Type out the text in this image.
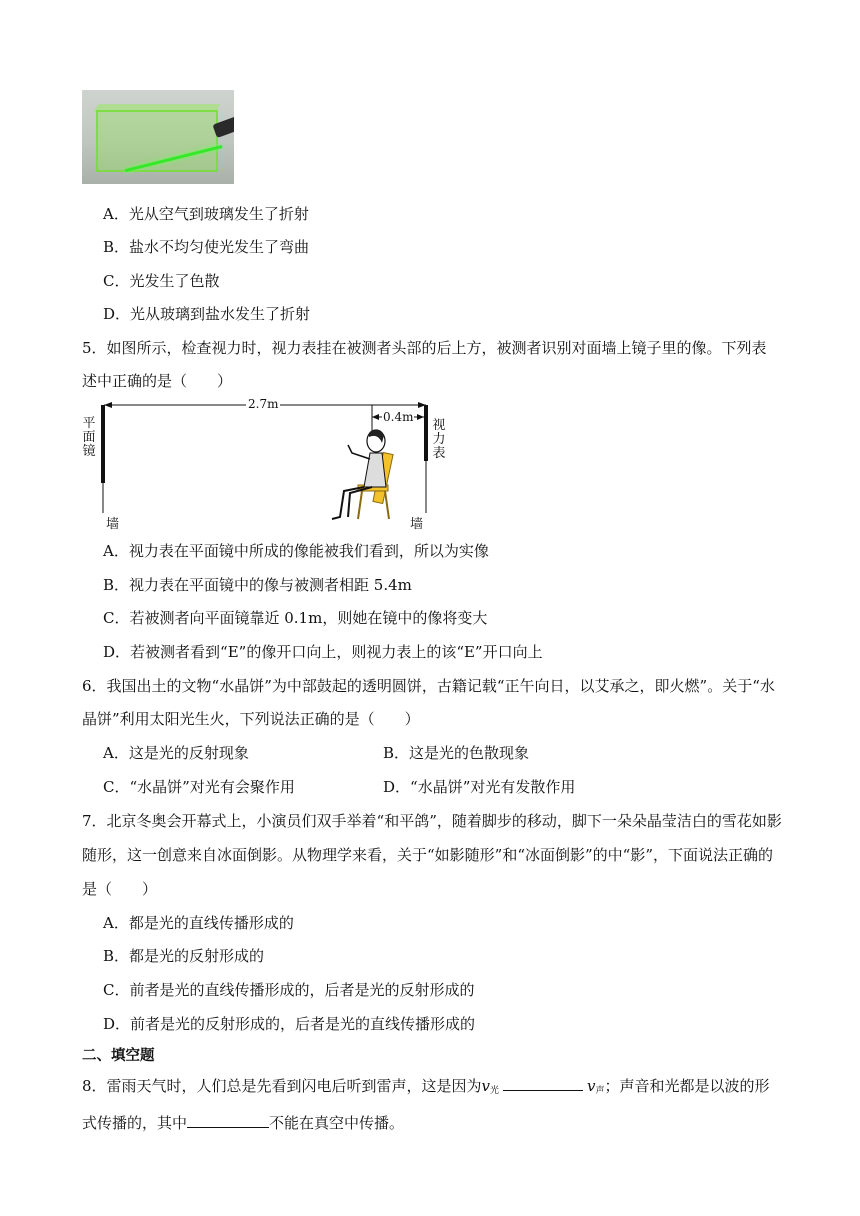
A．光从空气到玻璃发生了折射
B．盐水不均匀使光发生了弯曲
C．光发生了色散
D．光从玻璃到盐水发生了折射
5．如图所示，检查视力时，视力表挂在被测者头部的后上方，被测者识别对面墙上镜子里的像。下列表
述中正确的是（　　）
2.7m
0.4m
平面镜
视力表
墙	墙
A．视力表在平面镜中所成的像能被我们看到，所以为实像
B．视力表在平面镜中的像与被测者相距 5.4m
C．若被测者向平面镜靠近 0.1m，则她在镜中的像将变大
D．若被测者看到“E”的像开口向上，则视力表上的该“E”开口向上
6．我国出土的文物“水晶饼”为中部鼓起的透明圆饼，古籍记载“正午向日，以艾承之，即火燃”。关于“水
晶饼”利用太阳光生火，下列说法正确的是（　　）
A．这是光的反射现象	B．这是光的色散现象
C．“水晶饼”对光有会聚作用	D．“水晶饼”对光有发散作用
7．北京冬奥会开幕式上，小演员们双手举着“和平鸽”，随着脚步的移动，脚下一朵朵晶莹洁白的雪花如影
随形，这一创意来自冰面倒影。从物理学来看，关于“如影随形”和“冰面倒影”的中“影”，下面说法正确的
是（　　）
A．都是光的直线传播形成的
B．都是光的反射形成的
C．前者是光的直线传播形成的，后者是光的反射形成的
D．前者是光的反射形成的，后者是光的直线传播形成的
二、填空题
8．雷雨天气时，人们总是先看到闪电后听到雷声，这是因为$v_光$	$v_声$；声音和光都是以波的形
式传播的，其中	不能在真空中传播。
